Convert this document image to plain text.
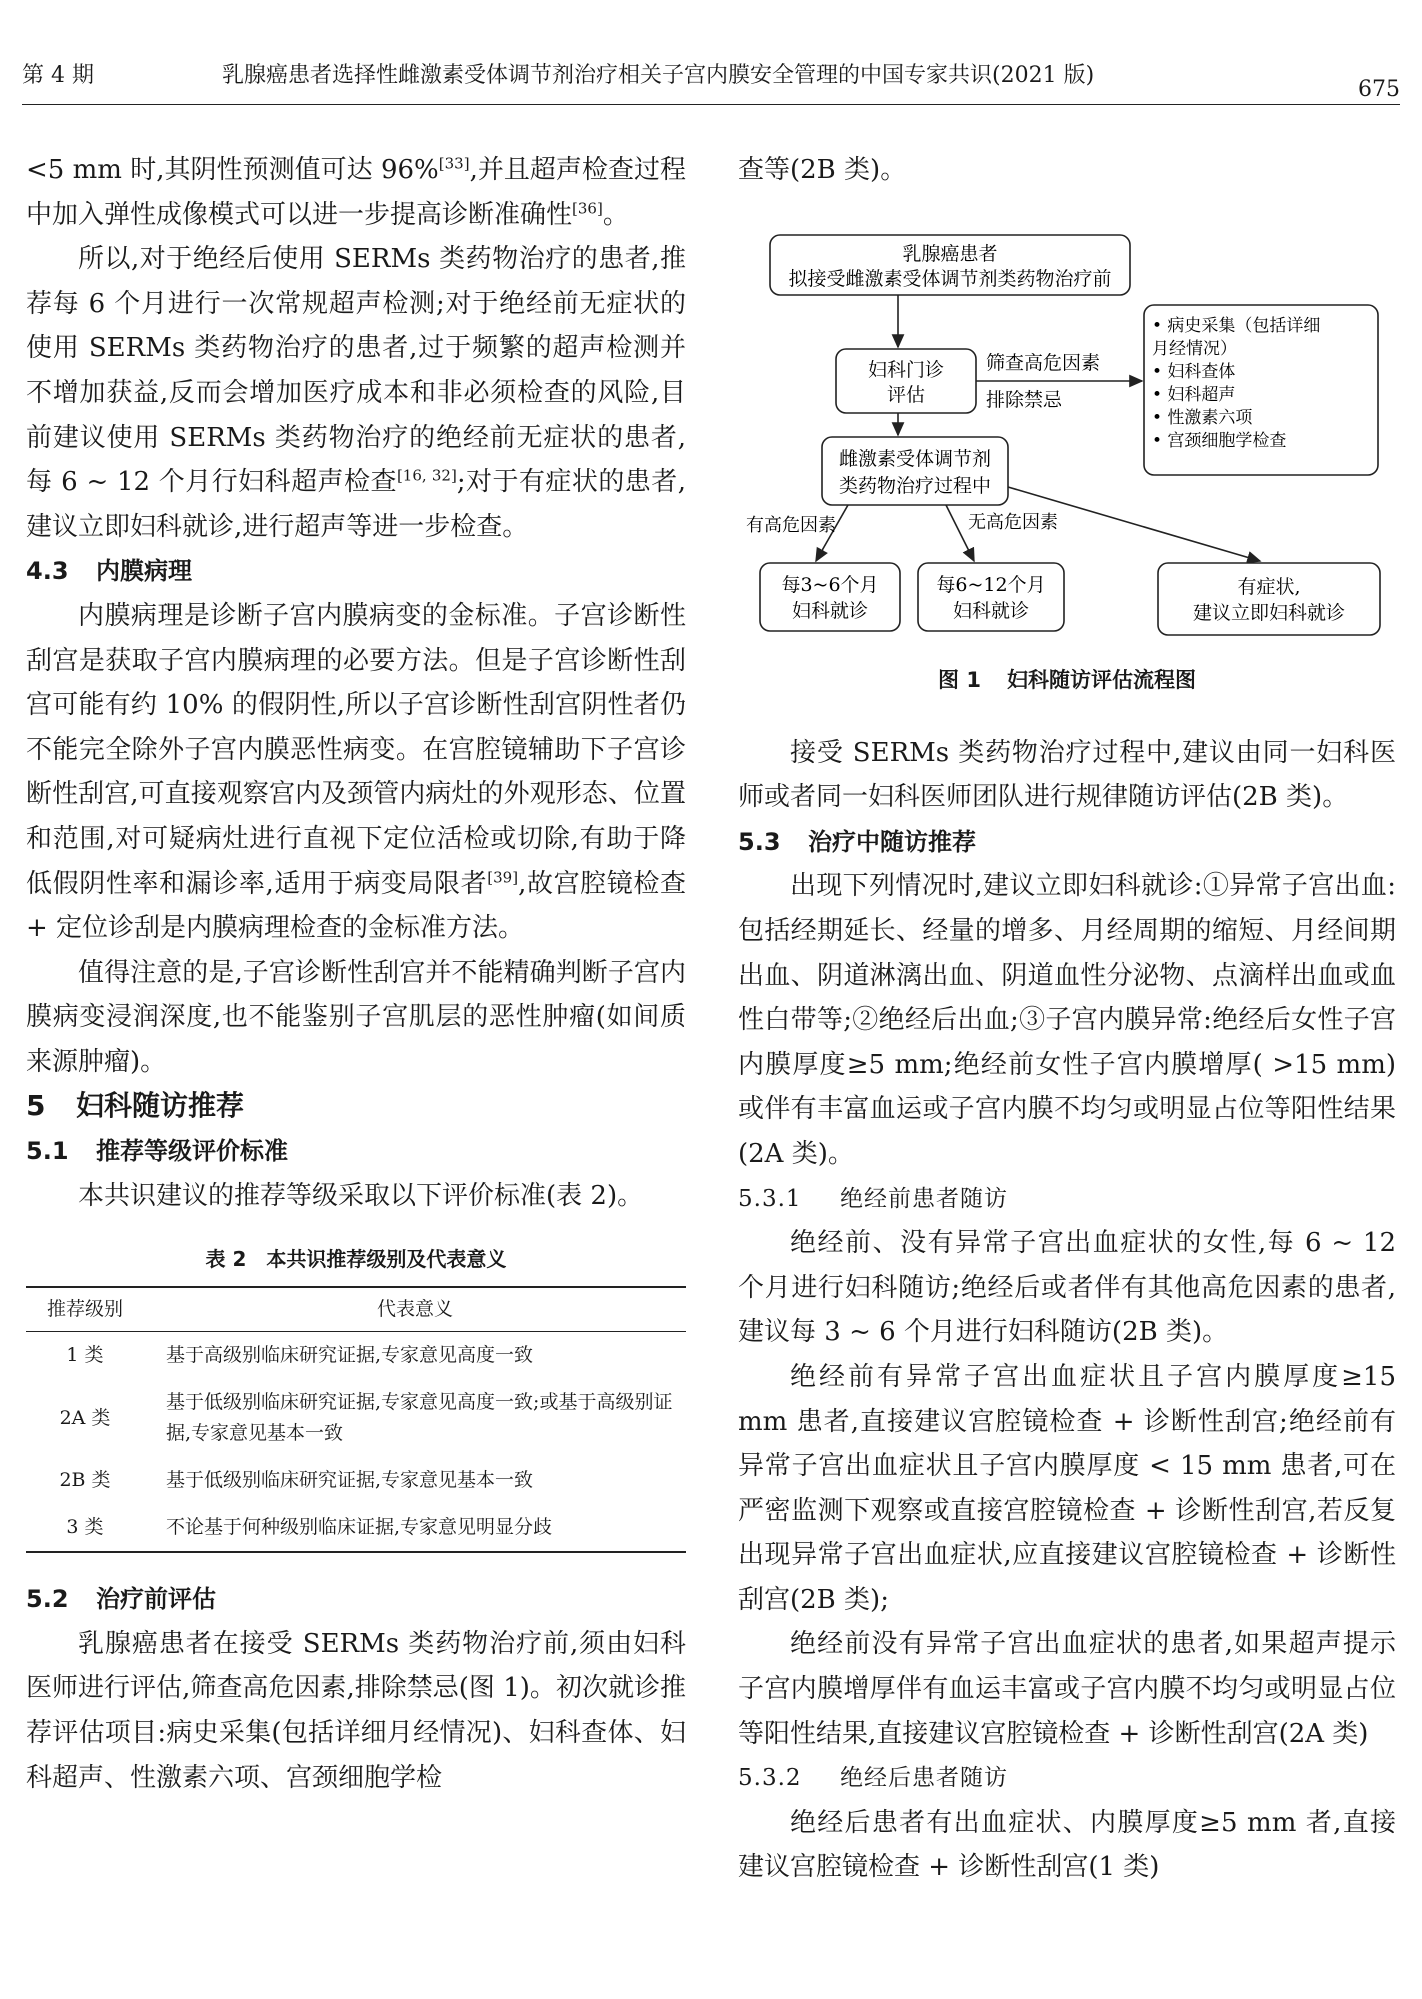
第 4 期	乳腺癌患者选择性雌激素受体调节剂治疗相关子宫内膜安全管理的中国专家共识(2021 版)
675

<5 mm 时,其阴性预测值可达 96%[33],并且超声检查过程中加入弹性成像模式可以进一步提高诊断准确性[36]。

所以,对于绝经后使用 SERMs 类药物治疗的患者,推荐每 6 个月进行一次常规超声检测;对于绝经前无症状的使用 SERMs 类药物治疗的患者,过于频繁的超声检测并不增加获益,反而会增加医疗成本和非必须检查的风险,目前建议使用 SERMs 类药物治疗的绝经前无症状的患者,每 6 ~ 12 个月行妇科超声检查[16, 32];对于有症状的患者,建议立即妇科就诊,进行超声等进一步检查。

4.3 内膜病理

内膜病理是诊断子宫内膜病变的金标准。子宫诊断性刮宫是获取子宫内膜病理的必要方法。但是子宫诊断性刮宫可能有约 10% 的假阴性,所以子宫诊断性刮宫阴性者仍不能完全除外子宫内膜恶性病变。在宫腔镜辅助下子宫诊断性刮宫,可直接观察宫内及颈管内病灶的外观形态、位置和范围,对可疑病灶进行直视下定位活检或切除,有助于降低假阴性率和漏诊率,适用于病变局限者[39],故宫腔镜检查 + 定位诊刮是内膜病理检查的金标准方法。

值得注意的是,子宫诊断性刮宫并不能精确判断子宫内膜病变浸润深度,也不能鉴别子宫肌层的恶性肿瘤(如间质来源肿瘤)。

5 妇科随访推荐

5.1 推荐等级评价标准

本共识建议的推荐等级采取以下评价标准(表 2)。

表 2　本共识推荐级别及代表意义
推荐级别	代表意义
1 类	基于高级别临床研究证据,专家意见高度一致
2A 类	基于低级别临床研究证据,专家意见高度一致;或基于高级别证据,专家意见基本一致
2B 类	基于低级别临床研究证据,专家意见基本一致
3 类	不论基于何种级别临床证据,专家意见明显分歧

5.2 治疗前评估

乳腺癌患者在接受 SERMs 类药物治疗前,须由妇科医师进行评估,筛查高危因素,排除禁忌(图 1)。初次就诊推荐评估项目:病史采集(包括详细月经情况)、妇科查体、妇科超声、性激素六项、宫颈细胞学检

查等(2B 类)。

乳腺癌患者
拟接受雌激素受体调节剂类药物治疗前
妇科门诊
评估
筛查高危因素
排除禁忌
• 病史采集（包括详细
月经情况）
• 妇科查体
• 妇科超声
• 性激素六项
• 宫颈细胞学检查
雌激素受体调节剂
类药物治疗过程中
有高危因素	无高危因素
每3~6个月
妇科就诊
每6~12个月
妇科就诊
有症状,
建议立即妇科就诊
图 1 妇科随访评估流程图

接受 SERMs 类药物治疗过程中,建议由同一妇科医师或者同一妇科医师团队进行规律随访评估(2B 类)。

5.3 治疗中随访推荐

出现下列情况时,建议立即妇科就诊:①异常子宫出血:包括经期延长、经量的增多、月经周期的缩短、月经间期出血、阴道淋漓出血、阴道血性分泌物、点滴样出血或血性白带等;②绝经后出血;③子宫内膜异常:绝经后女性子宫内膜厚度≥5 mm;绝经前女性子宫内膜增厚( >15 mm)或伴有丰富血运或子宫内膜不均匀或明显占位等阳性结果(2A 类)。

5.3.1 绝经前患者随访

绝经前、没有异常子宫出血症状的女性,每 6 ~ 12 个月进行妇科随访;绝经后或者伴有其他高危因素的患者,建议每 3 ~ 6 个月进行妇科随访(2B 类)。

绝经前有异常子宫出血症状且子宫内膜厚度≥15 mm 患者,直接建议宫腔镜检查 + 诊断性刮宫;绝经前有异常子宫出血症状且子宫内膜厚度 < 15 mm 患者,可在严密监测下观察或直接宫腔镜检查 + 诊断性刮宫,若反复出现异常子宫出血症状,应直接建议宫腔镜检查 + 诊断性刮宫(2B 类);

绝经前没有异常子宫出血症状的患者,如果超声提示子宫内膜增厚伴有血运丰富或子宫内膜不均匀或明显占位等阳性结果,直接建议宫腔镜检查 + 诊断性刮宫(2A 类)

5.3.2 绝经后患者随访

绝经后患者有出血症状、内膜厚度≥5 mm 者,直接建议宫腔镜检查 + 诊断性刮宫(1 类)
